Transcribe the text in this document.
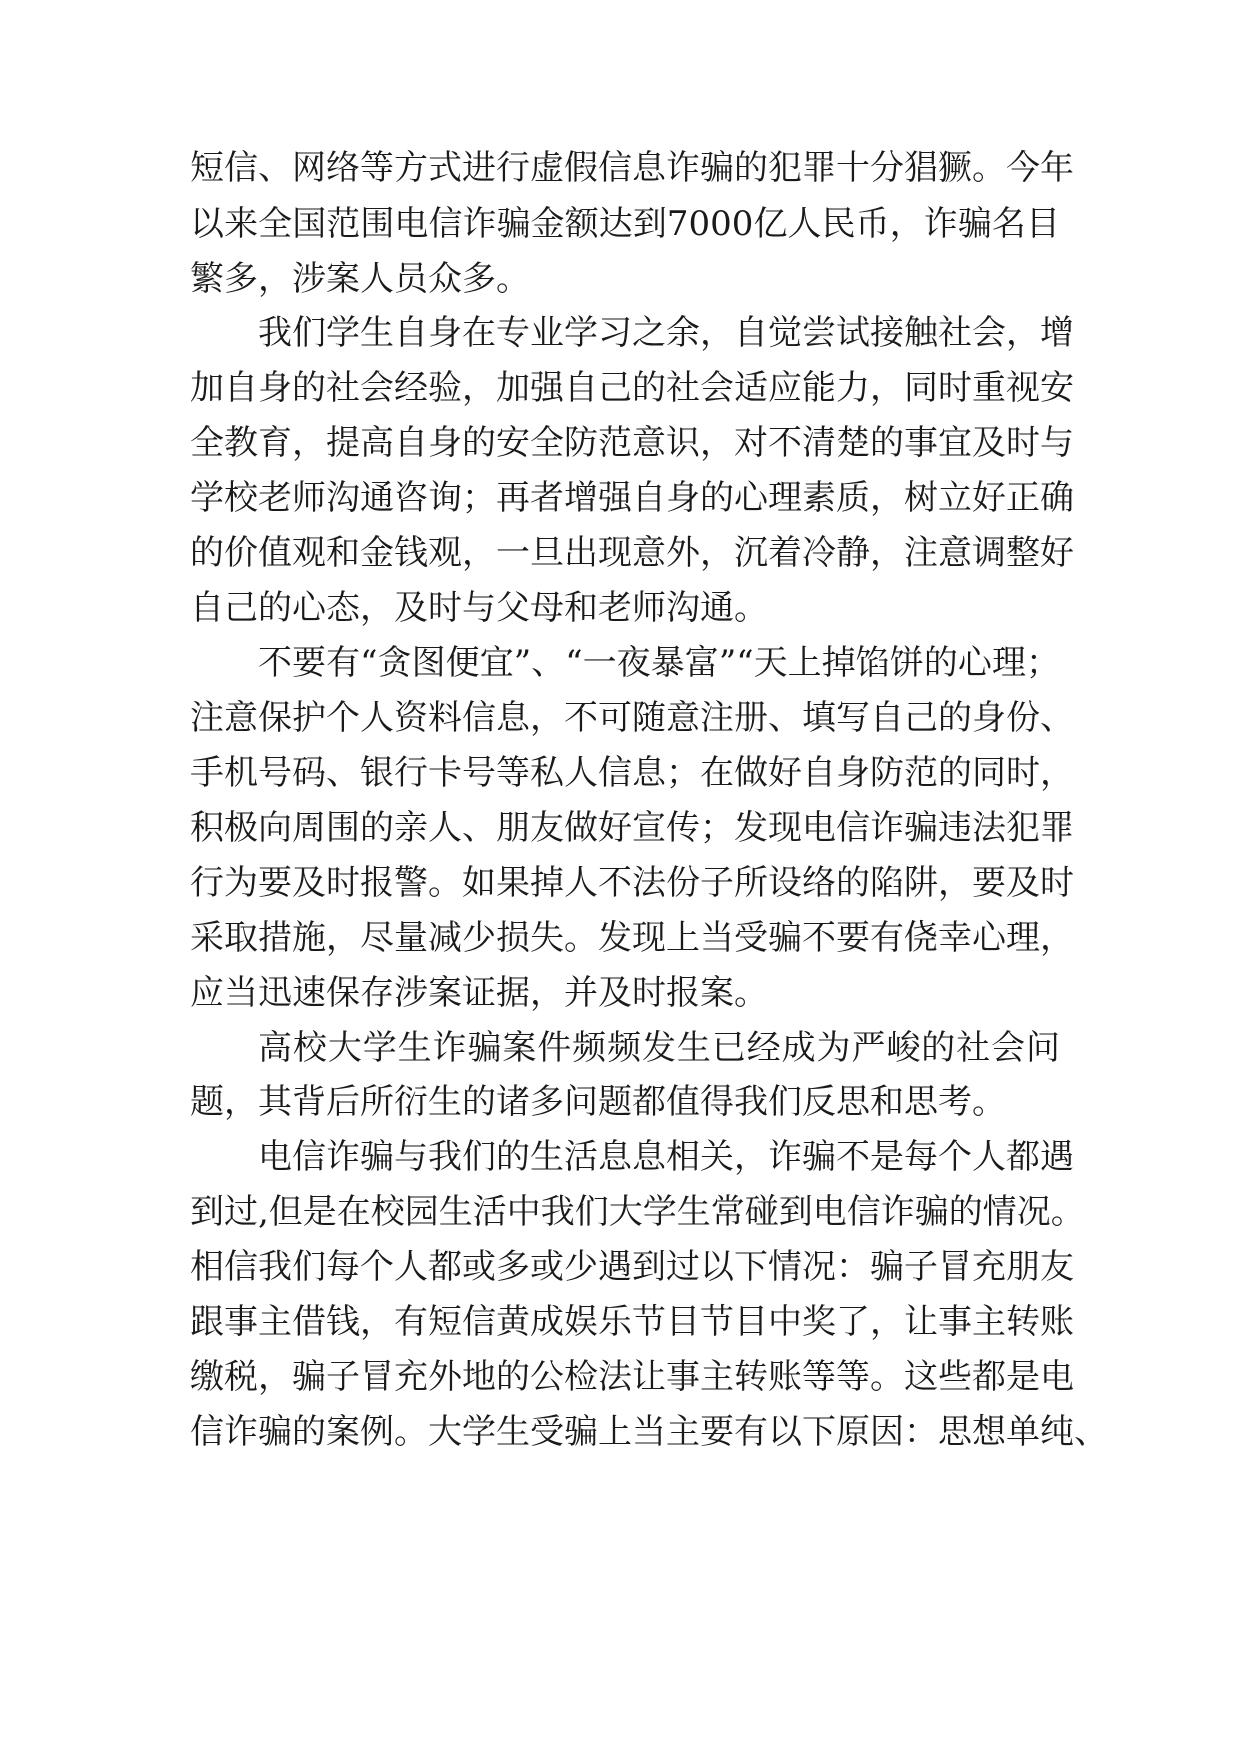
短信、网络等方式进行虚假信息诈骗的犯罪十分猖獗。今年
以来全国范围电信诈骗金额达到7000亿人民币，诈骗名目
繁多，涉案人员众多。
我们学生自身在专业学习之余，自觉尝试接触社会，增
加自身的社会经验，加强自己的社会适应能力，同时重视安
全教育，提高自身的安全防范意识，对不清楚的事宜及时与
学校老师沟通咨询；再者增强自身的心理素质，树立好正确
的价值观和金钱观，一旦出现意外，沉着冷静，注意调整好
自己的心态，及时与父母和老师沟通。
不要有“贪图便宜”、“一夜暴富”“天上掉馅饼的心理；
注意保护个人资料信息，不可随意注册、填写自己的身份、
手机号码、银行卡号等私人信息；在做好自身防范的同时，
积极向周围的亲人、朋友做好宣传；发现电信诈骗违法犯罪
行为要及时报警。如果掉人不法份子所设络的陷阱，要及时
采取措施，尽量减少损失。发现上当受骗不要有侥幸心理，
应当迅速保存涉案证据，并及时报案。
高校大学生诈骗案件频频发生已经成为严峻的社会问
题，其背后所衍生的诸多问题都值得我们反思和思考。
电信诈骗与我们的生活息息相关，诈骗不是每个人都遇
到过,但是在校园生活中我们大学生常碰到电信诈骗的情况。
相信我们每个人都或多或少遇到过以下情况：骗子冒充朋友
跟事主借钱，有短信黄成娱乐节目节目中奖了，让事主转账
缴税，骗子冒充外地的公检法让事主转账等等。这些都是电
信诈骗的案例。大学生受骗上当主要有以下原因：思想单纯、
